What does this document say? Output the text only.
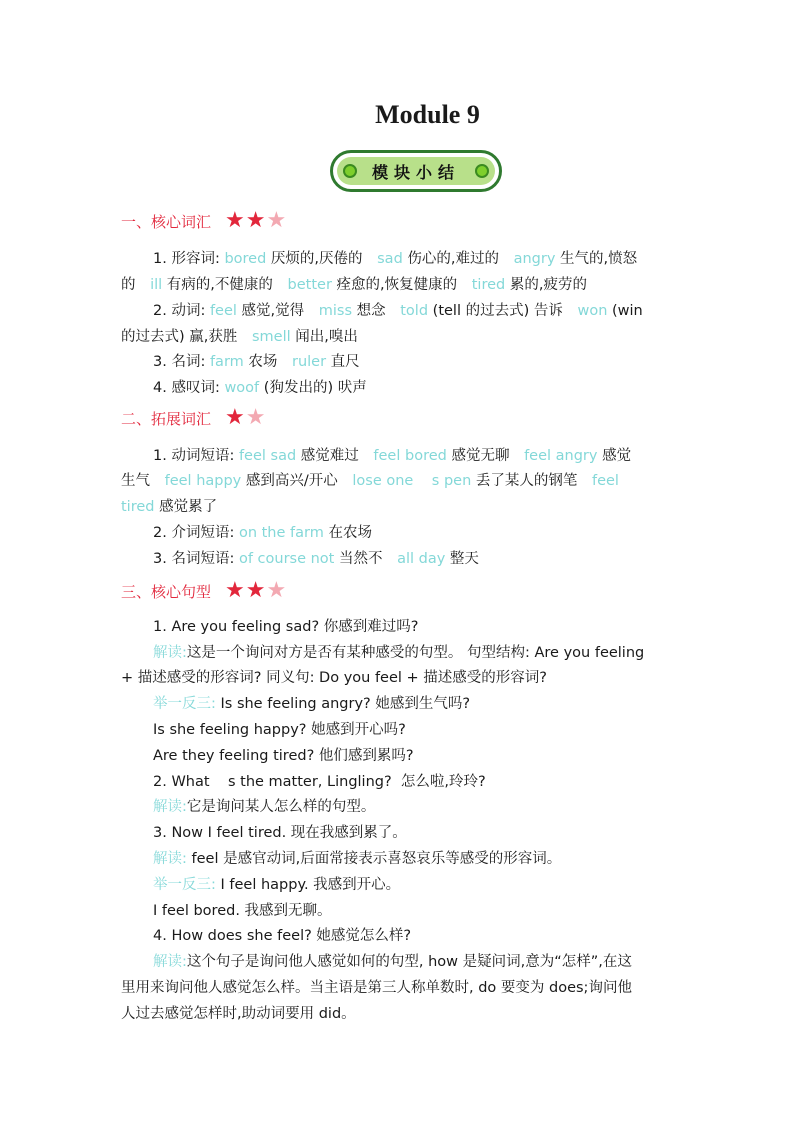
Module 9
模块小结
一、核心词汇 ★ ★ ★
1. 形容词: bored 厌烦的,厌倦的 sad 伤心的,难过的 angry 生气的,愤怒
的 ill 有病的,不健康的 better 痊愈的,恢复健康的 tired 累的,疲劳的
2. 动词: feel 感觉,觉得 miss 想念 told (tell 的过去式) 告诉 won (win
的过去式) 赢,获胜 smell 闻出,嗅出
3. 名词: farm 农场 ruler 直尺
4. 感叹词: woof (狗发出的) 吠声
二、拓展词汇 ★ ★
1. 动词短语: feel sad 感觉难过 feel bored 感觉无聊 feel angry 感觉
生气 feel happy 感到高兴/开心 lose one    s pen 丢了某人的钢笔 feel
tired 感觉累了
2. 介词短语: on the farm 在农场
3. 名词短语: of course not 当然不 all day 整天
三、核心句型 ★ ★ ★
1. Are you feeling sad? 你感到难过吗?
解读:这是一个询问对方是否有某种感受的句型。 句型结构: Are you feeling
+ 描述感受的形容词? 同义句: Do you feel + 描述感受的形容词?
举一反三: Is she feeling angry? 她感到生气吗?
Is she feeling happy? 她感到开心吗?
Are they feeling tired? 他们感到累吗?
2. What    s the matter, Lingling?  怎么啦,玲玲?
解读:它是询问某人怎么样的句型。
3. Now I feel tired. 现在我感到累了。
解读: feel 是感官动词,后面常接表示喜怒哀乐等感受的形容词。
举一反三: I feel happy. 我感到开心。
I feel bored. 我感到无聊。
4. How does she feel? 她感觉怎么样?
解读:这个句子是询问他人感觉如何的句型, how 是疑问词,意为“怎样”,在这
里用来询问他人感觉怎么样。当主语是第三人称单数时, do 要变为 does;询问他
人过去感觉怎样时,助动词要用 did。
